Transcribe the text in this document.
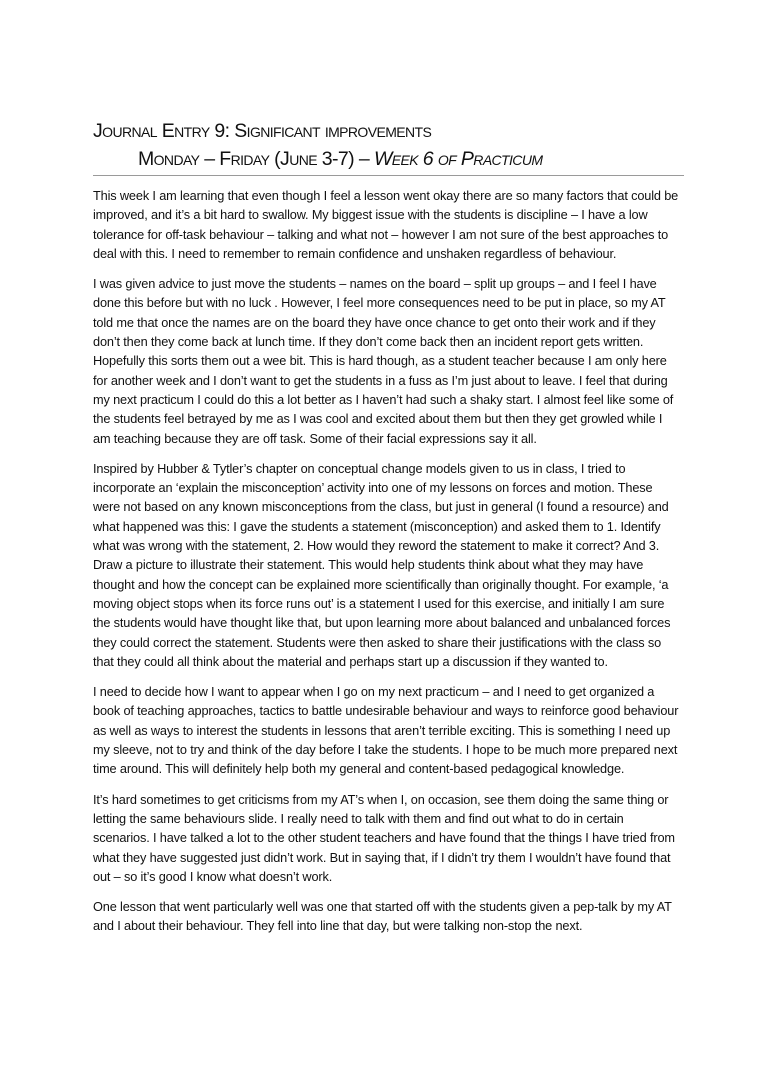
Journal Entry 9: Significant improvements
Monday – Friday (June 3-7) – Week 6 of Practicum

This week I am learning that even though I feel a lesson went okay there are so many factors that could be improved, and it’s a bit hard to swallow. My biggest issue with the students is discipline – I have a low tolerance for off-task behaviour – talking and what not – however I am not sure of the best approaches to deal with this. I need to remember to remain confidence and unshaken regardless of behaviour.

I was given advice to just move the students – names on the board – split up groups – and I feel I have done this before but with no luck . However, I feel more consequences need to be put in place, so my AT told me that once the names are on the board they have once chance to get onto their work and if they don’t then they come back at lunch time. If they don’t come back then an incident report gets written. Hopefully this sorts them out a wee bit. This is hard though, as a student teacher because I am only here for another week and I don’t want to get the students in a fuss as I’m just about to leave. I feel that during my next practicum I could do this a lot better as I haven’t had such a shaky start. I almost feel like some of the students feel betrayed by me as I was cool and excited about them but then they get growled while I am teaching because they are off task. Some of their facial expressions say it all.

Inspired by Hubber & Tytler’s chapter on conceptual change models given to us in class, I tried to incorporate an ‘explain the misconception’ activity into one of my lessons on forces and motion. These were not based on any known misconceptions from the class, but just in general (I found a resource) and what happened was this: I gave the students a statement (misconception) and asked them to 1. Identify what was wrong with the statement, 2. How would they reword the statement to make it correct? And 3. Draw a picture to illustrate their statement. This would help students think about what they may have thought and how the concept can be explained more scientifically than originally thought. For example, ‘a moving object stops when its force runs out’ is a statement I used for this exercise, and initially I am sure the students would have thought like that, but upon learning more about balanced and unbalanced forces they could correct the statement. Students were then asked to share their justifications with the class so that they could all think about the material and perhaps start up a discussion if they wanted to.

I need to decide how I want to appear when I go on my next practicum – and I need to get organized a book of teaching approaches, tactics to battle undesirable behaviour and ways to reinforce good behaviour as well as ways to interest the students in lessons that aren’t terrible exciting. This is something I need up my sleeve, not to try and think of the day before I take the students. I hope to be much more prepared next time around. This will definitely help both my general and content-based pedagogical knowledge.

It’s hard sometimes to get criticisms from my AT’s when I, on occasion, see them doing the same thing or letting the same behaviours slide. I really need to talk with them and find out what to do in certain scenarios. I have talked a lot to the other student teachers and have found that the things I have tried from what they have suggested just didn’t work. But in saying that, if I didn’t try them I wouldn’t have found that out – so it’s good I know what doesn’t work.

One lesson that went particularly well was one that started off with the students given a pep-talk by my AT and I about their behaviour. They fell into line that day, but were talking non-stop the next.
